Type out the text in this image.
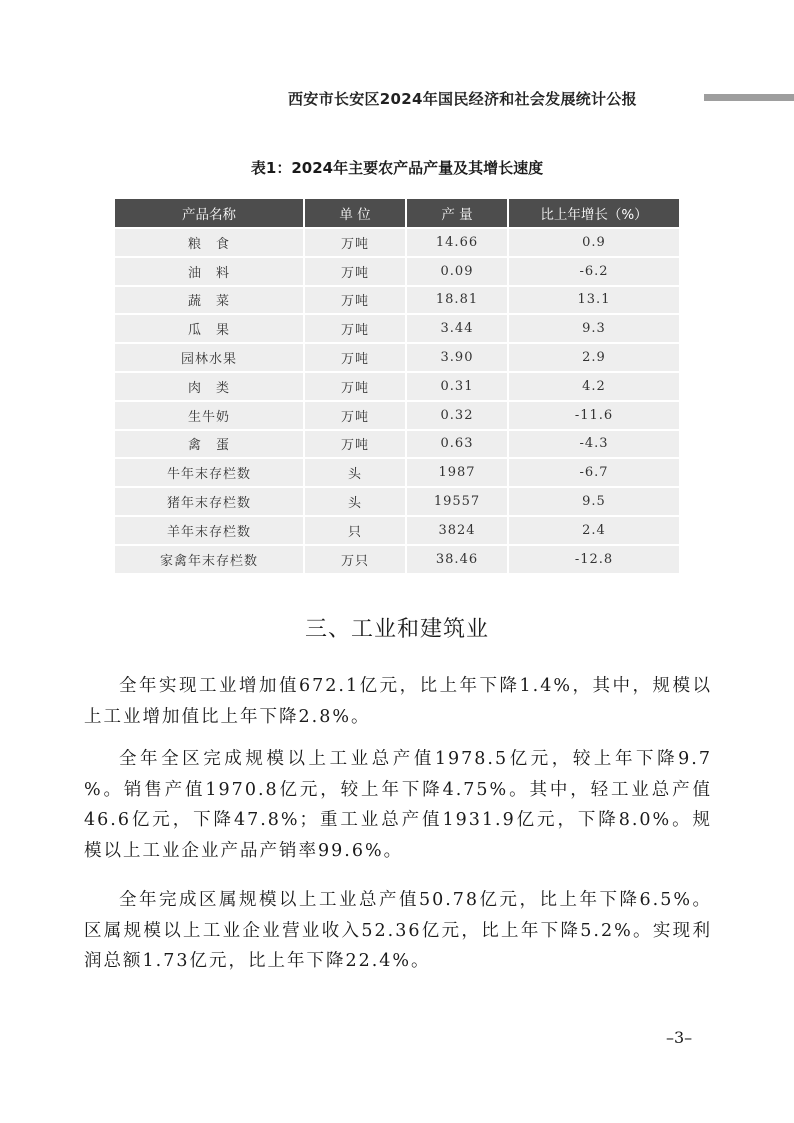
西安市长安区2024年国民经济和社会发展统计公报
表1：2024年主要农产品产量及其增长速度
产品名称	单 位	产 量	比上年增长（%）
粮　食	万吨	14.66	0.9
油　料	万吨	0.09	-6.2
蔬　菜	万吨	18.81	13.1
瓜　果	万吨	3.44	9.3
园林水果	万吨	3.90	2.9
肉　类	万吨	0.31	4.2
生牛奶	万吨	0.32	-11.6
禽　蛋	万吨	0.63	-4.3
牛年末存栏数	头	1987	-6.7
猪年末存栏数	头	19557	9.5
羊年末存栏数	只	3824	2.4
家禽年末存栏数	万只	38.46	-12.8
三、工业和建筑业

全年实现工业增加值672.1亿元，比上年下降1.4%，其中，规模以上工业增加值比上年下降2.8%。

全年全区完成规模以上工业总产值1978.5亿元，较上年下降9.7 %。销售产值1970.8亿元，较上年下降4.75%。其中，轻工业总产值46.6亿元，下降47.8%；重工业总产值1931.9亿元，下降8.0%。规模以上工业企业产品产销率99.6%。

全年完成区属规模以上工业总产值50.78亿元，比上年下降6.5%。区属规模以上工业企业营业收入52.36亿元，比上年下降5.2%。实现利润总额1.73亿元，比上年下降22.4%。

–3–
